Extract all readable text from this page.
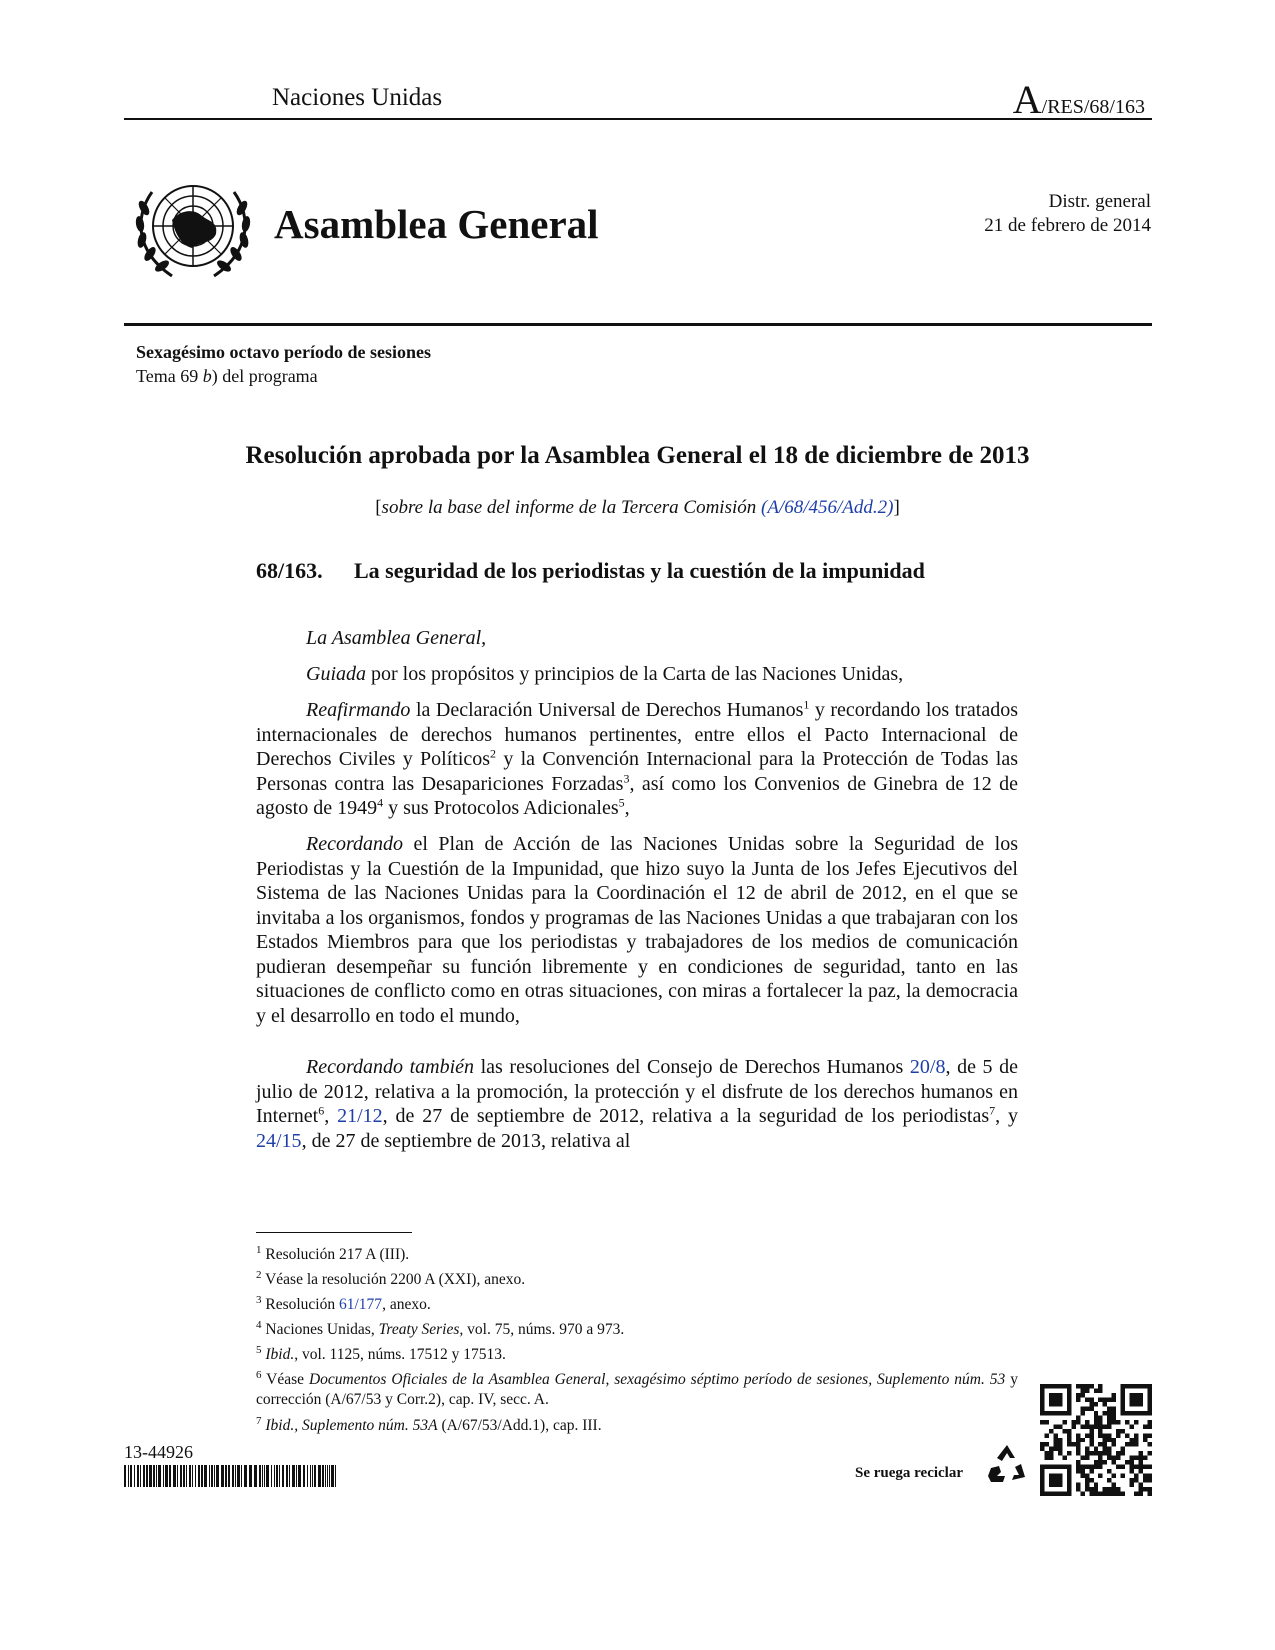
Naciones Unidas	A/RES/68/163
Asamblea General	Distr. general
21 de febrero de 2014
Sexagésimo octavo período de sesiones
Tema 69 b) del programa
Resolución aprobada por la Asamblea General el 18 de diciembre de 2013
[sobre la base del informe de la Tercera Comisión (A/68/456/Add.2)]
68/163. La seguridad de los periodistas y la cuestión de la impunidad
La Asamblea General,
Guiada por los propósitos y principios de la Carta de las Naciones Unidas,
Reafirmando la Declaración Universal de Derechos Humanos$^1$ y recordando los tratados internacionales de derechos humanos pertinentes, entre ellos el Pacto Internacional de Derechos Civiles y Políticos$^2$ y la Convención Internacional para la Protección de Todas las Personas contra las Desapariciones Forzadas$^3$, así como los Convenios de Ginebra de 12 de agosto de 1949$^4$ y sus Protocolos Adicionales$^5$,
Recordando el Plan de Acción de las Naciones Unidas sobre la Seguridad de los Periodistas y la Cuestión de la Impunidad, que hizo suyo la Junta de los Jefes Ejecutivos del Sistema de las Naciones Unidas para la Coordinación el 12 de abril de 2012, en el que se invitaba a los organismos, fondos y programas de las Naciones Unidas a que trabajaran con los Estados Miembros para que los periodistas y trabajadores de los medios de comunicación pudieran desempeñar su función libremente y en condiciones de seguridad, tanto en las situaciones de conflicto como en otras situaciones, con miras a fortalecer la paz, la democracia y el desarrollo en todo el mundo,
Recordando también las resoluciones del Consejo de Derechos Humanos 20/8, de 5 de julio de 2012, relativa a la promoción, la protección y el disfrute de los derechos humanos en Internet$^6$, 21/12, de 27 de septiembre de 2012, relativa a la seguridad de los periodistas$^7$, y 24/15, de 27 de septiembre de 2013, relativa al
$^1$ Resolución 217 A (III).
$^2$ Véase la resolución 2200 A (XXI), anexo.
$^3$ Resolución 61/177, anexo.
$^4$ Naciones Unidas, Treaty Series, vol. 75, núms. 970 a 973.
$^5$ Ibid., vol. 1125, núms. 17512 y 17513.
$^6$ Véase Documentos Oficiales de la Asamblea General, sexagésimo séptimo período de sesiones, Suplemento núm. 53 y corrección (A/67/53 y Corr.2), cap. IV, secc. A.
$^7$ Ibid., Suplemento núm. 53A (A/67/53/Add.1), cap. III.
13-44926
Se ruega reciclar
